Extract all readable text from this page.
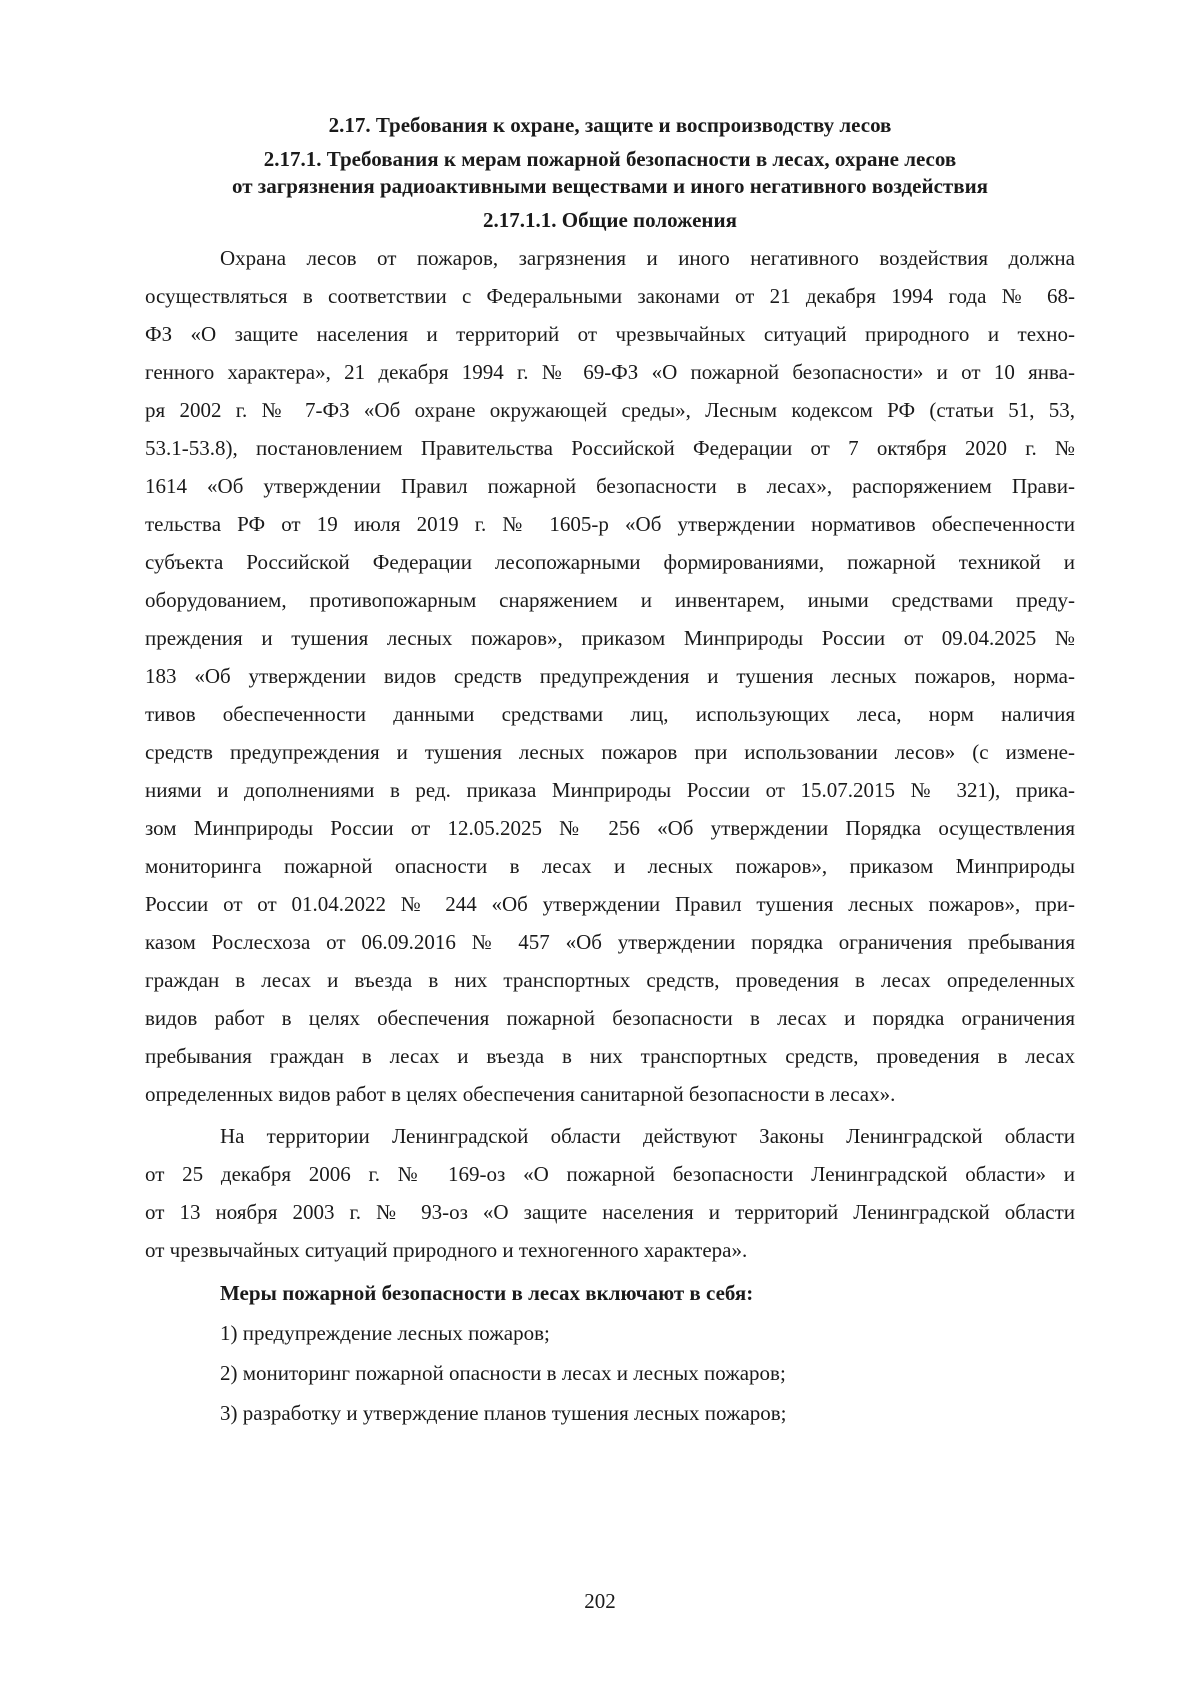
2.17. Требования к охране, защите и воспроизводству лесов
2.17.1. Требования к мерам пожарной безопасности в лесах, охране лесов
от загрязнения радиоактивными веществами и иного негативного воздействия
2.17.1.1. Общие положения

Охрана лесов от пожаров, загрязнения и иного негативного воздействия должна

осуществляться в соответствии с Федеральными законами от 21 декабря 1994 года № 68-

ФЗ «О защите населения и территорий от чрезвычайных ситуаций природного и техно-

генного характера», 21 декабря 1994 г. № 69-ФЗ «О пожарной безопасности» и от 10 янва-

ря 2002 г. № 7-ФЗ «Об охране окружающей среды», Лесным кодексом РФ (статьи 51, 53,

53.1-53.8), постановлением Правительства Российской Федерации от 7 октября 2020 г. №

1614 «Об утверждении Правил пожарной безопасности в лесах», распоряжением Прави-

тельства РФ от 19 июля 2019 г. № 1605-р «Об утверждении нормативов обеспеченности

субъекта Российской Федерации лесопожарными формированиями, пожарной техникой и

оборудованием, противопожарным снаряжением и инвентарем, иными средствами преду-

преждения и тушения лесных пожаров», приказом Минприроды России от 09.04.2025 №

183 «Об утверждении видов средств предупреждения и тушения лесных пожаров, норма-

тивов обеспеченности данными средствами лиц, использующих леса, норм наличия

средств предупреждения и тушения лесных пожаров при использовании лесов» (с измене-

ниями и дополнениями в ред. приказа Минприроды России от 15.07.2015 № 321), прика-

зом Минприроды России от 12.05.2025 № 256 «Об утверждении Порядка осуществления

мониторинга пожарной опасности в лесах и лесных пожаров», приказом Минприроды

России от от 01.04.2022 № 244 «Об утверждении Правил тушения лесных пожаров», при-

казом Рослесхоза от 06.09.2016 № 457 «Об утверждении порядка ограничения пребывания

граждан в лесах и въезда в них транспортных средств, проведения в лесах определенных

видов работ в целях обеспечения пожарной безопасности в лесах и порядка ограничения

пребывания граждан в лесах и въезда в них транспортных средств, проведения в лесах

определенных видов работ в целях обеспечения санитарной безопасности в лесах».

На территории Ленинградской области действуют Законы Ленинградской области

от 25 декабря 2006 г. № 169-оз «О пожарной безопасности Ленинградской области» и

от 13 ноября 2003 г. № 93-оз «О защите населения и территорий Ленинградской области

от чрезвычайных ситуаций природного и техногенного характера».

Меры пожарной безопасности в лесах включают в себя:

1) предупреждение лесных пожаров;

2) мониторинг пожарной опасности в лесах и лесных пожаров;

3) разработку и утверждение планов тушения лесных пожаров;

202
